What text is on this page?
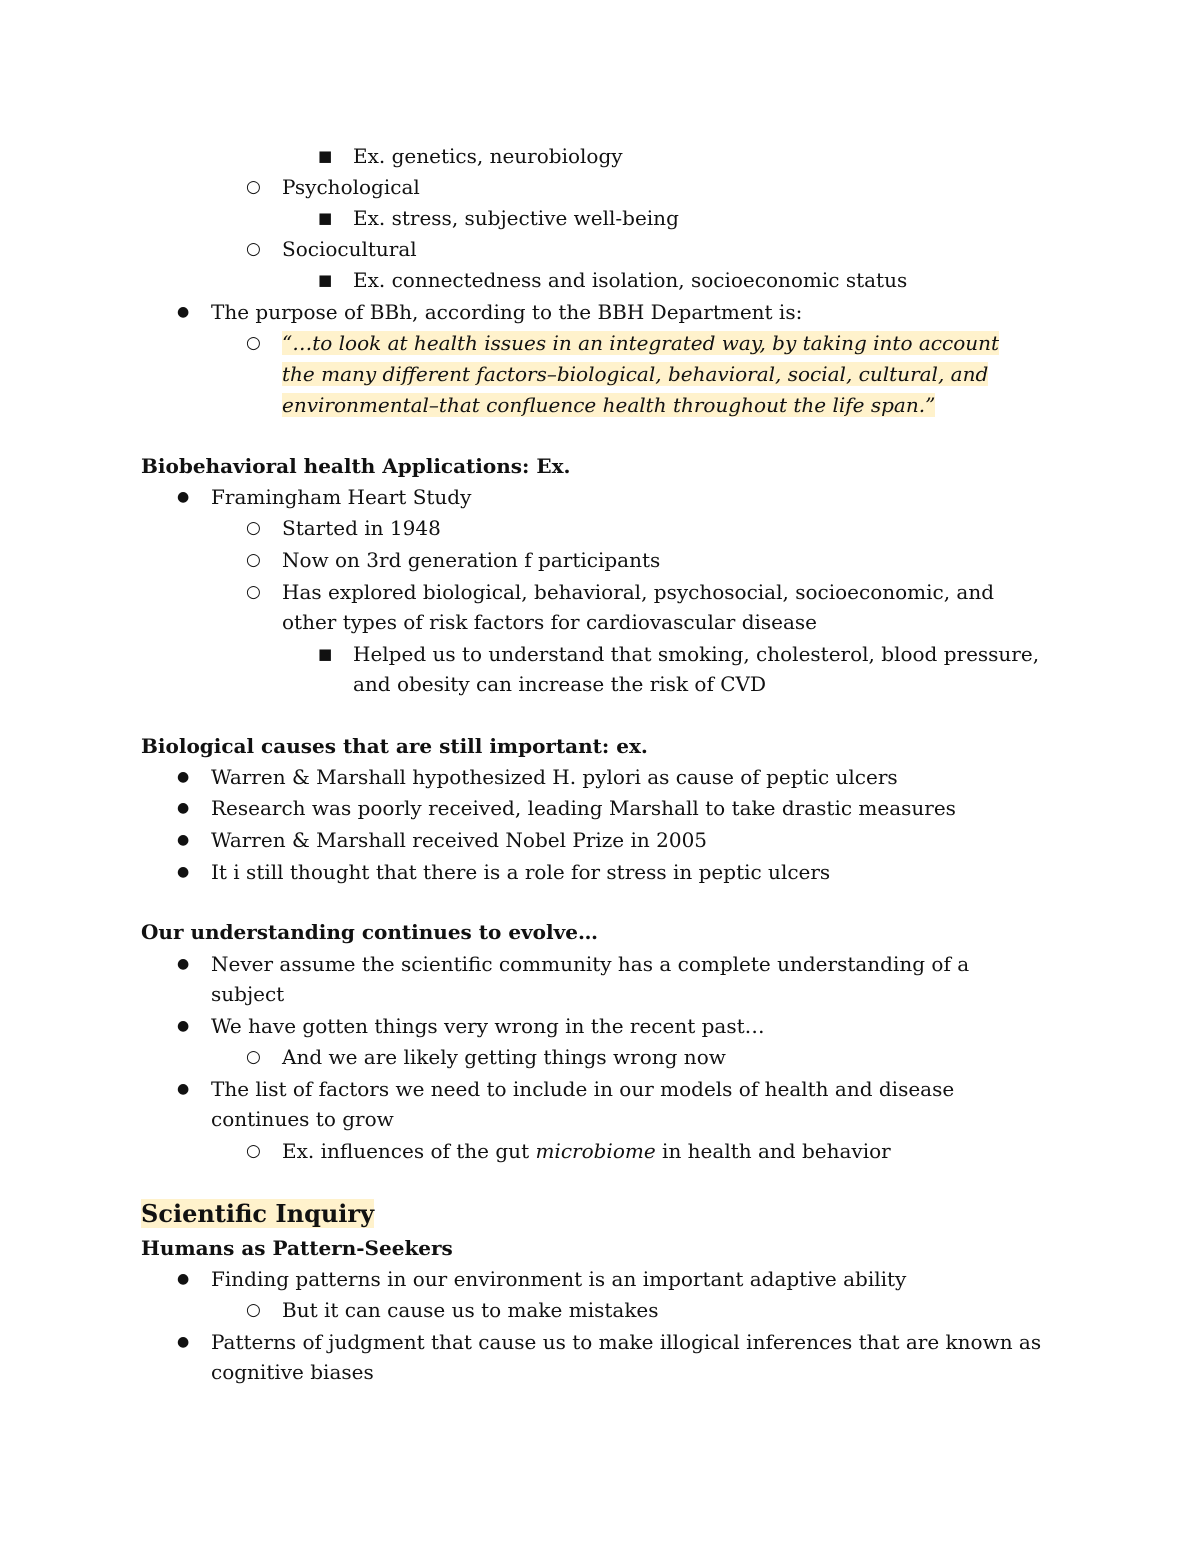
■ Ex. genetics, neurobiology
○ Psychological
■ Ex. stress, subjective well-being
○ Sociocultural
■ Ex. connectedness and isolation, socioeconomic status
● The purpose of BBh, according to the BBH Department is:
○ “…to look at health issues in an integrated way, by taking into account
the many different factors–biological, behavioral, social, cultural, and
environmental–that confluence health throughout the life span.”
Biobehavioral health Applications: Ex.
● Framingham Heart Study
○ Started in 1948
○ Now on 3rd generation f participants
○ Has explored biological, behavioral, psychosocial, socioeconomic, and
other types of risk factors for cardiovascular disease
■ Helped us to understand that smoking, cholesterol, blood pressure,
and obesity can increase the risk of CVD
Biological causes that are still important: ex.
● Warren & Marshall hypothesized H. pylori as cause of peptic ulcers
● Research was poorly received, leading Marshall to take drastic measures
● Warren & Marshall received Nobel Prize in 2005
● It i still thought that there is a role for stress in peptic ulcers
Our understanding continues to evolve…
● Never assume the scientific community has a complete understanding of a
subject
● We have gotten things very wrong in the recent past…
○ And we are likely getting things wrong now
● The list of factors we need to include in our models of health and disease
continues to grow
○ Ex. influences of the gut microbiome in health and behavior
Scientific Inquiry
Humans as Pattern-Seekers
● Finding patterns in our environment is an important adaptive ability
○ But it can cause us to make mistakes
● Patterns of judgment that cause us to make illogical inferences that are known as
cognitive biases
